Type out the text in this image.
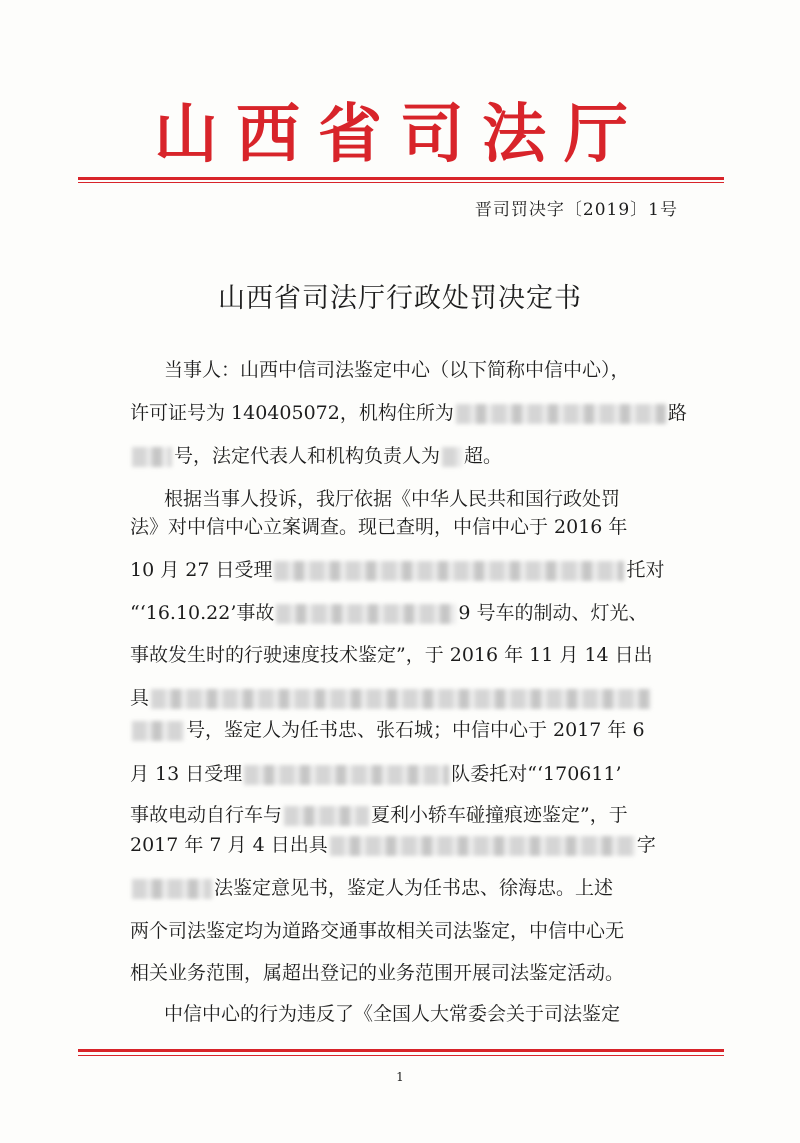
山西省司法厅
晋司罚决字〔2019〕1号
山西省司法厅行政处罚决定书
当事人：山西中信司法鉴定中心（以下简称中信中心），
许可证号为 140405072，机构住所为	路
号，法定代表人和机构负责人为 超。
根据当事人投诉，我厅依据《中华人民共和国行政处罚
法》对中信中心立案调查。现已查明，中信中心于 2016 年
10 月 27 日受理	托对
“‘16.10.22’事故	9 号车的制动、灯光、
事故发生时的行驶速度技术鉴定”，于 2016 年 11 月 14 日出
具
号，鉴定人为任书忠、张石城；中信中心于 2017 年 6
月 13 日受理	队委托对“‘170611’
事故电动自行车与	夏利小轿车碰撞痕迹鉴定”，于
2017 年 7 月 4 日出具	字
法鉴定意见书，鉴定人为任书忠、徐海忠。上述
两个司法鉴定均为道路交通事故相关司法鉴定，中信中心无
相关业务范围，属超出登记的业务范围开展司法鉴定活动。
中信中心的行为违反了《全国人大常委会关于司法鉴定
1
